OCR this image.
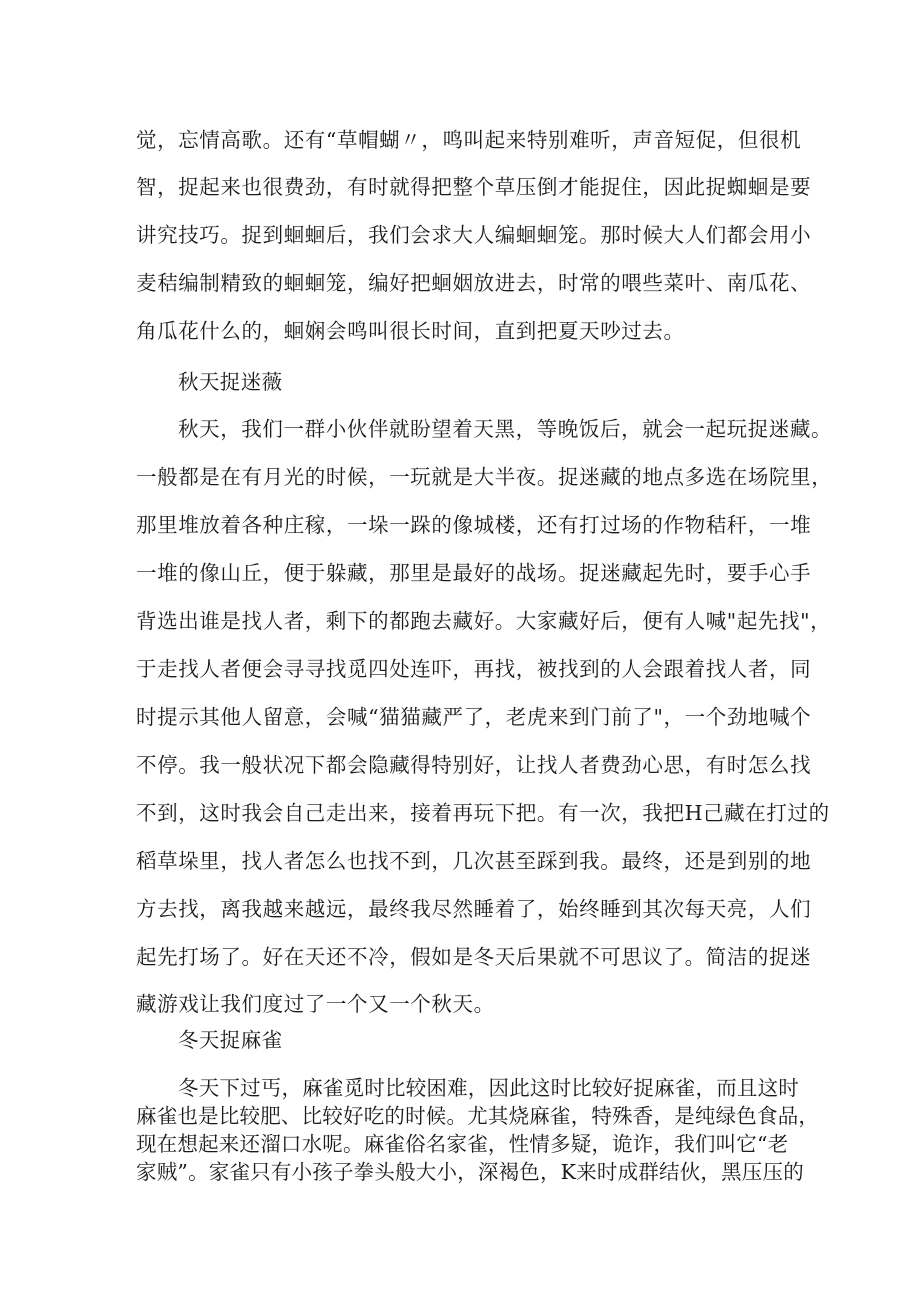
觉，忘情高歌。还有“草帽蝴〃，鸣叫起来特别难听，声音短促，但很机
智，捉起来也很费劲，有时就得把整个草压倒才能捉住，因此捉蜘蛔是要
讲究技巧。捉到蛔蛔后，我们会求大人编蛔蛔笼。那时候大人们都会用小
麦秸编制精致的蛔蛔笼，编好把蛔姻放进去，时常的喂些菜叶、南瓜花、
角瓜花什么的，蛔娴会鸣叫很长时间，直到把夏天吵过去。
秋天捉迷薇
秋天，我们一群小伙伴就盼望着天黑，等晚饭后，就会一起玩捉迷藏。
一般都是在有月光的时候，一玩就是大半夜。捉迷藏的地点多选在场院里，
那里堆放着各种庄稼，一垛一跺的像城楼，还有打过场的作物秸秆，一堆
一堆的像山丘，便于躲藏，那里是最好的战场。捉迷藏起先时，要手心手
背选出谁是找人者，剩下的都跑去藏好。大家藏好后，便有人喊"起先找"，
于走找人者便会寻寻找觅四处连吓，再找，被找到的人会跟着找人者，同
时提示其他人留意，会喊“猫猫藏严了，老虎来到门前了"，一个劲地喊个
不停。我一般状况下都会隐藏得特别好，让找人者费劲心思，有时怎么找
不到，这时我会自己走出来，接着再玩下把。有一次，我把H己藏在打过的
稻草垛里，找人者怎么也找不到，几次甚至踩到我。最终，还是到别的地
方去找，离我越来越远，最终我尽然睡着了，始终睡到其次每天亮，人们
起先打场了。好在天还不冷，假如是冬天后果就不可思议了。简洁的捉迷
藏游戏让我们度过了一个又一个秋天。
冬天捉麻雀
冬天下过丐，麻雀觅时比较困难，因此这时比较好捉麻雀，而且这时
麻雀也是比较肥、比较好吃的时候。尤其烧麻雀，特殊香，是纯绿色食品，
现在想起来还溜口水呢。麻雀俗名家雀，性情多疑，诡诈，我们叫它“老
家贼”。家雀只有小孩子拳头般大小，深褐色，K来时成群结伙，黑压压的
